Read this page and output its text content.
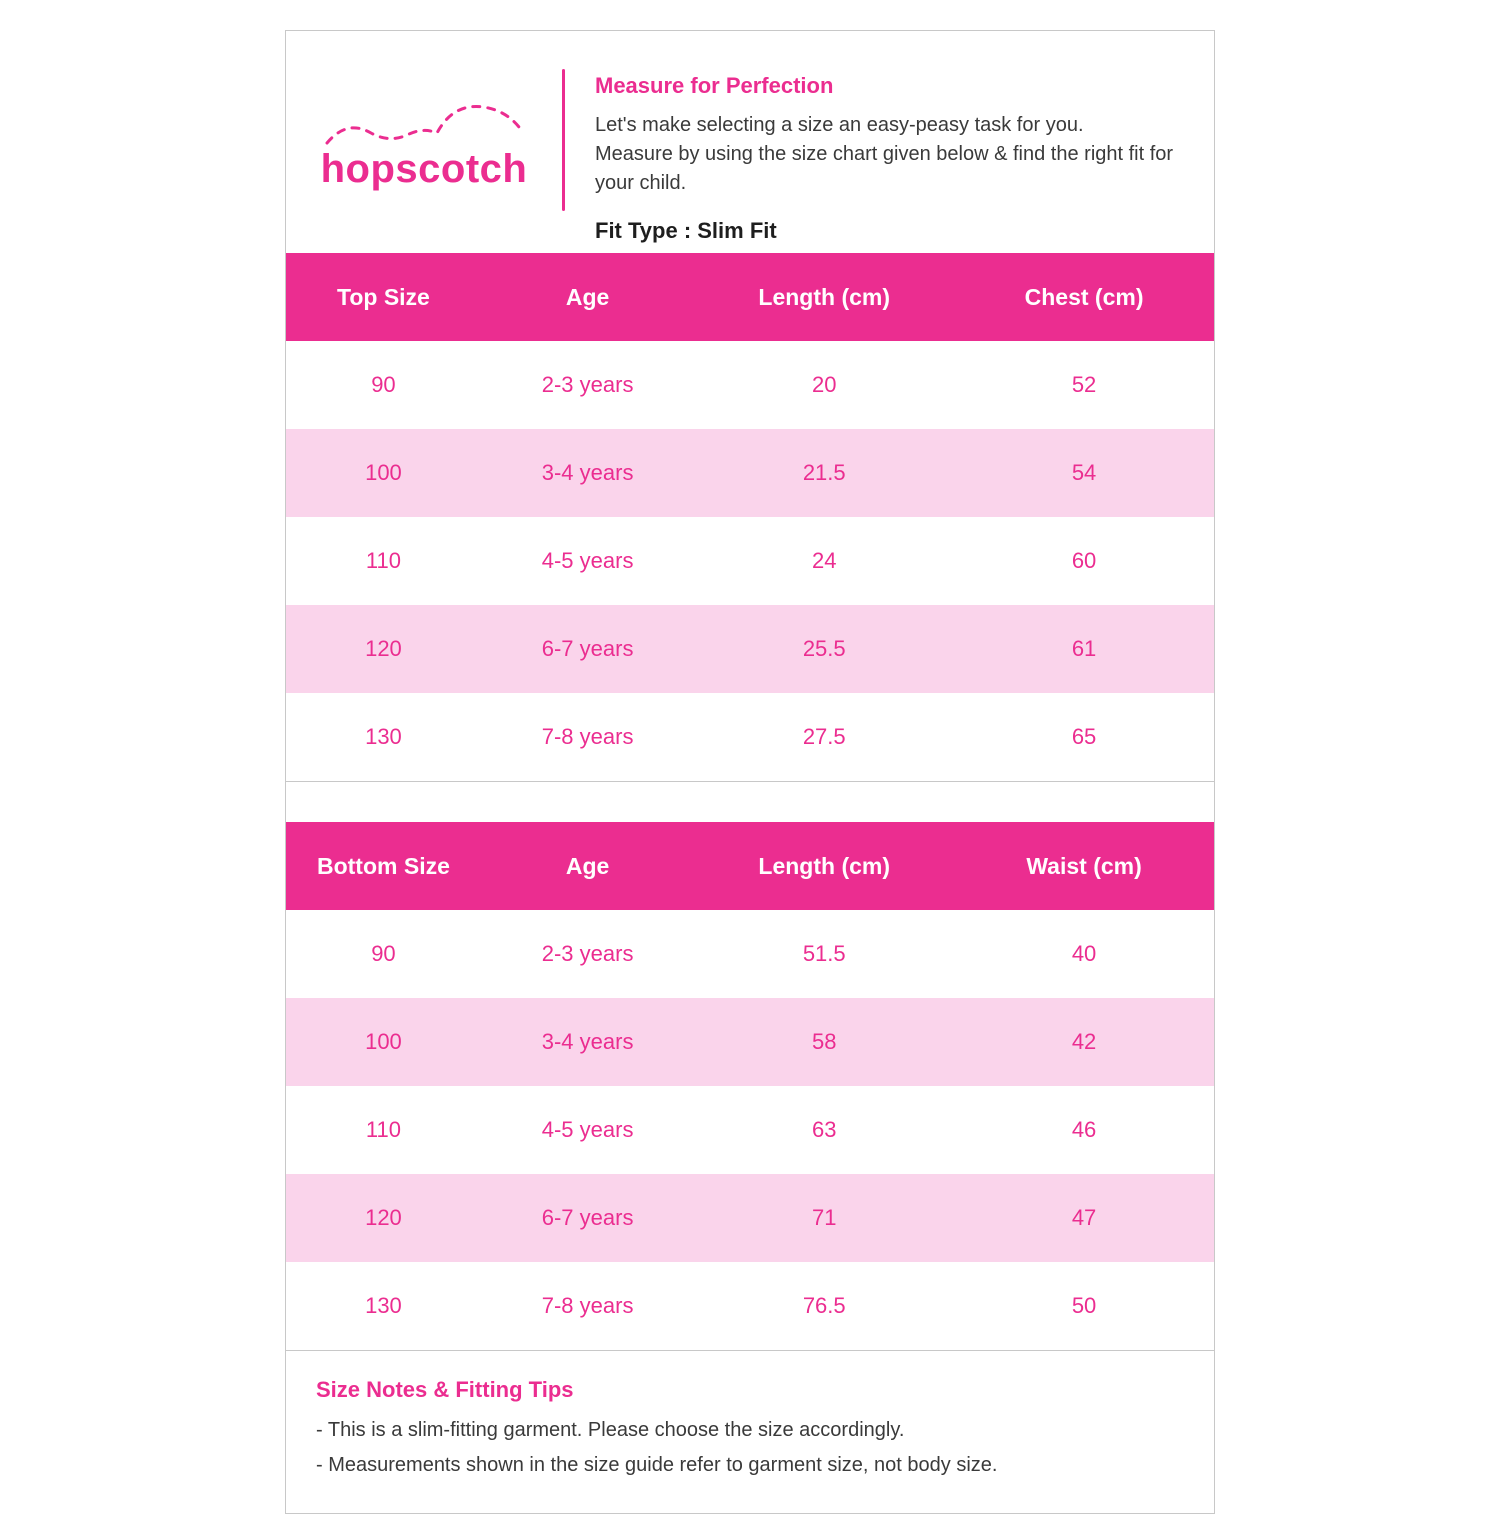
hopscotch
Measure for Perfection
Let's make selecting a size an easy-peasy task for you.
Measure by using the size chart given below & find the right fit for your child.
Fit Type : Slim Fit
Top Size	Age	Length (cm)	Chest (cm)
90	2-3 years	20	52
100	3-4 years	21.5	54
110	4-5 years	24	60
120	6-7 years	25.5	61
130	7-8 years	27.5	65
Bottom Size	Age	Length (cm)	Waist (cm)
90	2-3 years	51.5	40
100	3-4 years	58	42
110	4-5 years	63	46
120	6-7 years	71	47
130	7-8 years	76.5	50
Size Notes & Fitting Tips
- This is a slim-fitting garment. Please choose the size accordingly.
- Measurements shown in the size guide refer to garment size, not body size.
